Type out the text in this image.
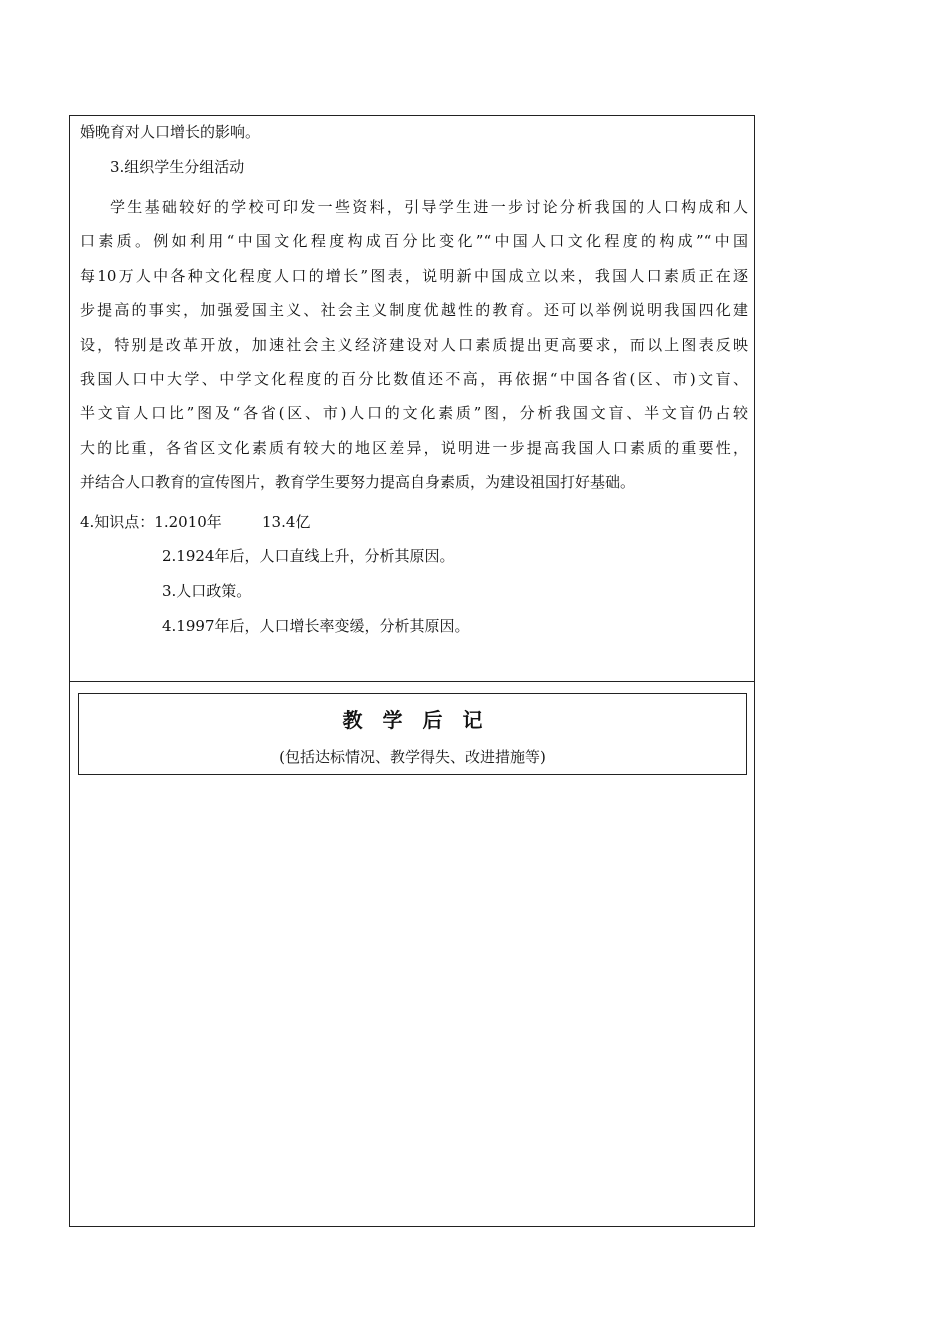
婚晚育对人口增长的影响。
3.组织学生分组活动
学生基础较好的学校可印发一些资料，引导学生进一步讨论分析我国的人口构成和人
口素质。例如利用“中国文化程度构成百分比变化”“中国人口文化程度的构成”“中国
每10万人中各种文化程度人口的增长”图表，说明新中国成立以来，我国人口素质正在逐
步提高的事实，加强爱国主义、社会主义制度优越性的教育。还可以举例说明我国四化建
设，特别是改革开放，加速社会主义经济建设对人口素质提出更高要求，而以上图表反映
我国人口中大学、中学文化程度的百分比数值还不高，再依据“中国各省(区、市)文盲、
半文盲人口比”图及“各省(区、市)人口的文化素质”图，分析我国文盲、半文盲仍占较
大的比重，各省区文化素质有较大的地区差异，说明进一步提高我国人口素质的重要性，
并结合人口教育的宣传图片，教育学生要努力提高自身素质，为建设祖国打好基础。
4.知识点：1.2010年	13.4亿
2.1924年后，人口直线上升，分析其原因。
3.人口政策。
4.1997年后，人口增长率变缓，分析其原因。
教学后记
(包括达标情况、教学得失、改进措施等)
